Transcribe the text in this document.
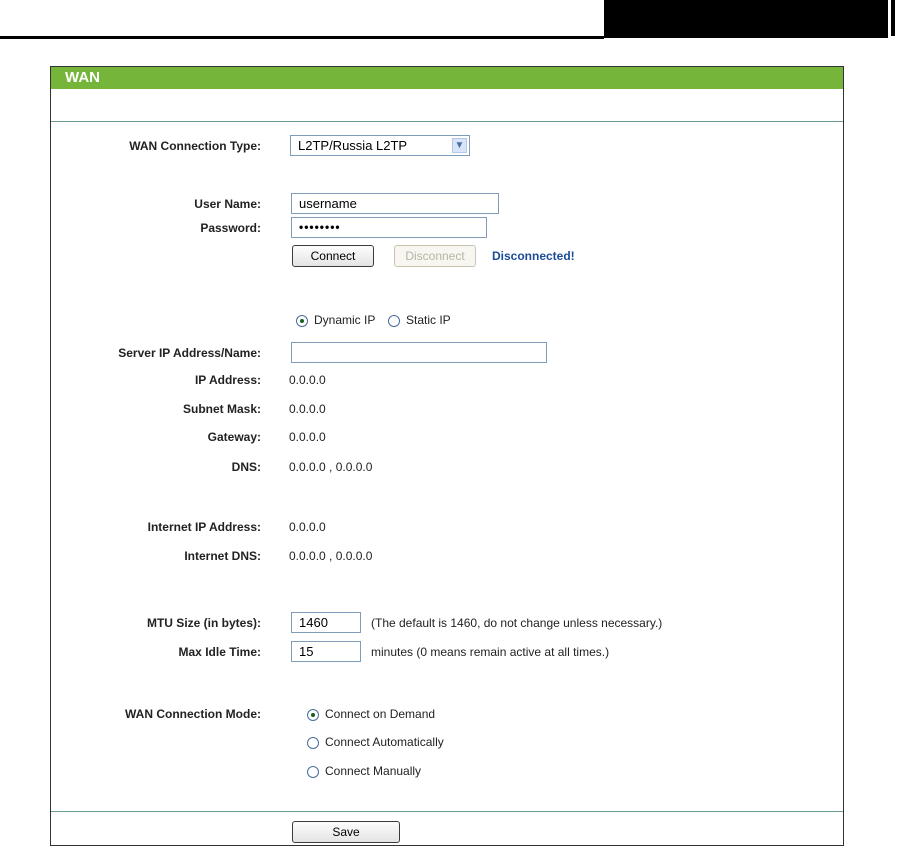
WAN
WAN Connection Type:	L2TP/Russia L2TP	▼
User Name:
username
Password:	••••••••
Connect	Disconnect	Disconnected!
Dynamic IP	Static IP
Server IP Address/Name:
IP Address: 0.0.0.0
Subnet Mask: 0.0.0.0
Gateway: 0.0.0.0
DNS: 0.0.0.0 , 0.0.0.0
Internet IP Address: 0.0.0.0
Internet DNS: 0.0.0.0 , 0.0.0.0
MTU Size (in bytes):
1460	(The default is 1460, do not change unless necessary.)
Max Idle Time:
15	minutes (0 means remain active at all times.)
WAN Connection Mode:	Connect on Demand
Connect Automatically
Connect Manually
Save
